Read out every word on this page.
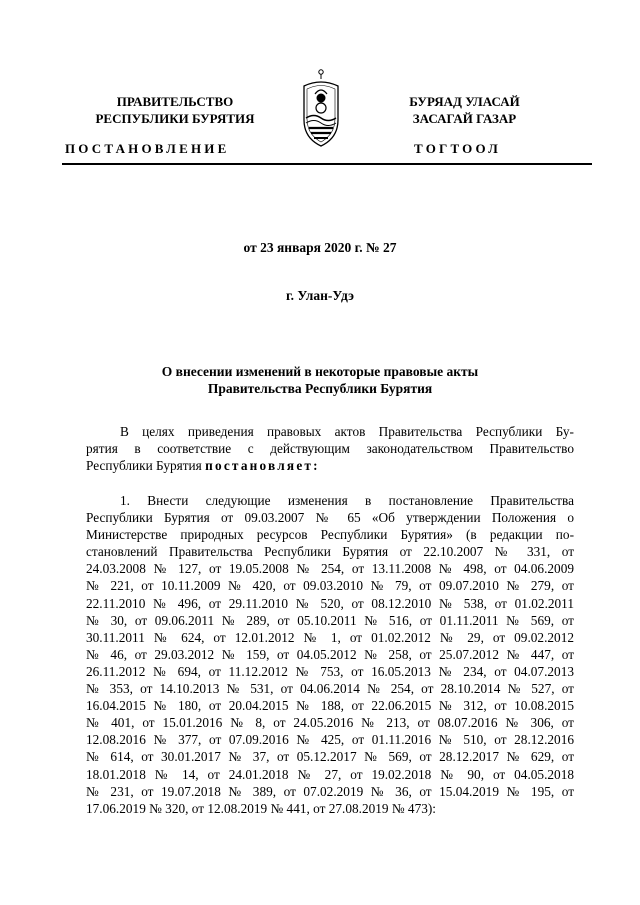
ПРАВИТЕЛЬСТВО
РЕСПУБЛИКИ БУРЯТИЯ
БУРЯАД УЛАСАЙ
ЗАСАГАЙ ГАЗАР
ПОСТАНОВЛЕНИЕ	ТОГТООЛ
от 23 января 2020 г. № 27
г. Улан-Удэ
О внесении изменений в некоторые правовые акты
Правительства Республики Бурятия
В целях приведения правовых актов Правительства Республики Бу-
рятия в соответствие с действующим законодательством Правительство
Республики Бурятия постановляет:
1. Внести следующие изменения в постановление Правительства
Республики Бурятия от 09.03.2007 № 65 «Об утверждении Положения о
Министерстве природных ресурсов Республики Бурятия» (в редакции по-
становлений Правительства Республики Бурятия от 22.10.2007 № 331, от
24.03.2008 № 127, от 19.05.2008 № 254, от 13.11.2008 № 498, от 04.06.2009
№ 221, от 10.11.2009 № 420, от 09.03.2010 № 79, от 09.07.2010 № 279, от
22.11.2010 № 496, от 29.11.2010 № 520, от 08.12.2010 № 538, от 01.02.2011
№ 30, от 09.06.2011 № 289, от 05.10.2011 № 516, от 01.11.2011 № 569, от
30.11.2011 № 624, от 12.01.2012 № 1, от 01.02.2012 № 29, от 09.02.2012
№ 46, от 29.03.2012 № 159, от 04.05.2012 № 258, от 25.07.2012 № 447, от
26.11.2012 № 694, от 11.12.2012 № 753, от 16.05.2013 № 234, от 04.07.2013
№ 353, от 14.10.2013 № 531, от 04.06.2014 № 254, от 28.10.2014 № 527, от
16.04.2015 № 180, от 20.04.2015 № 188, от 22.06.2015 № 312, от 10.08.2015
№ 401, от 15.01.2016 № 8, от 24.05.2016 № 213, от 08.07.2016 № 306, от
12.08.2016 № 377, от 07.09.2016 № 425, от 01.11.2016 № 510, от 28.12.2016
№ 614, от 30.01.2017 № 37, от 05.12.2017 № 569, от 28.12.2017 № 629, от
18.01.2018 № 14, от 24.01.2018 № 27, от 19.02.2018 № 90, от 04.05.2018
№ 231, от 19.07.2018 № 389, от 07.02.2019 № 36, от 15.04.2019 № 195, от
17.06.2019 № 320, от 12.08.2019 № 441, от 27.08.2019 № 473):
